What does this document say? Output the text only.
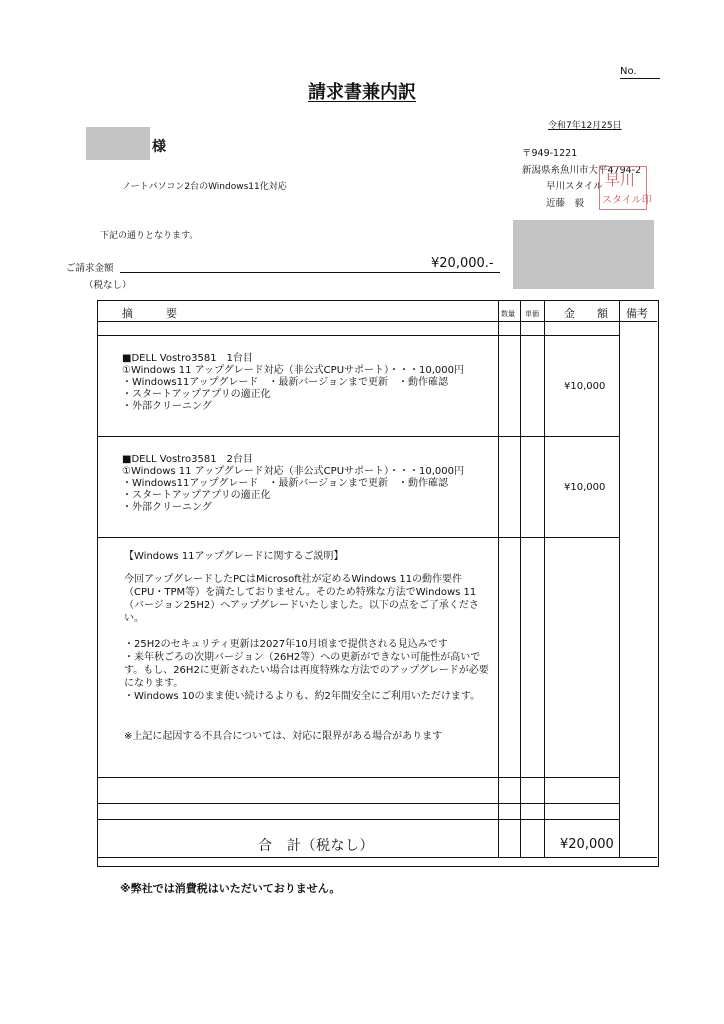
No.
請求書兼内訳
令和7年12月25日
様	〒949-1221
新潟県糸魚川市大平4794-2
早川スタイル
近藤　毅
早川
スタイル印
ノートパソコン2台のWindows11化対応
下記の通りとなります。
ご請求金額	¥20,000.-
（税なし）
摘　　　要	数量 単価 金　　額 備考
■DELL Vostro3581　1台目
①Windows 11 アップグレード対応（非公式CPUサポート）・・・10,000円
・Windows11アップグレード　・最新バージョンまで更新　・動作確認
・スタートアップアプリの適正化
・外部クリーニング
¥10,000
■DELL Vostro3581　2台目
①Windows 11 アップグレード対応（非公式CPUサポート）・・・10,000円
・Windows11アップグレード　・最新バージョンまで更新　・動作確認
・スタートアップアプリの適正化
・外部クリーニング
¥10,000
【Windows 11アップグレードに関するご説明】
今回アップグレードしたPCはMicrosoft社が定めるWindows 11の動作要件（CPU・TPM等）を満たしておりません。そのため特殊な方法でWindows 11（バージョン25H2）へアップグレードいたしました。以下の点をご了承ください。
・25H2のセキュリティ更新は2027年10月頃まで提供される見込みです
・来年秋ごろの次期バージョン（26H2等）への更新ができない可能性が高いです。もし、26H2に更新されたい場合は再度特殊な方法でのアップグレードが必要になります。
・Windows 10のまま使い続けるよりも、約2年間安全にご利用いただけます。
※上記に起因する不具合については、対応に限界がある場合があります
合　計（税なし）	¥20,000
※弊社では消費税はいただいておりません。
